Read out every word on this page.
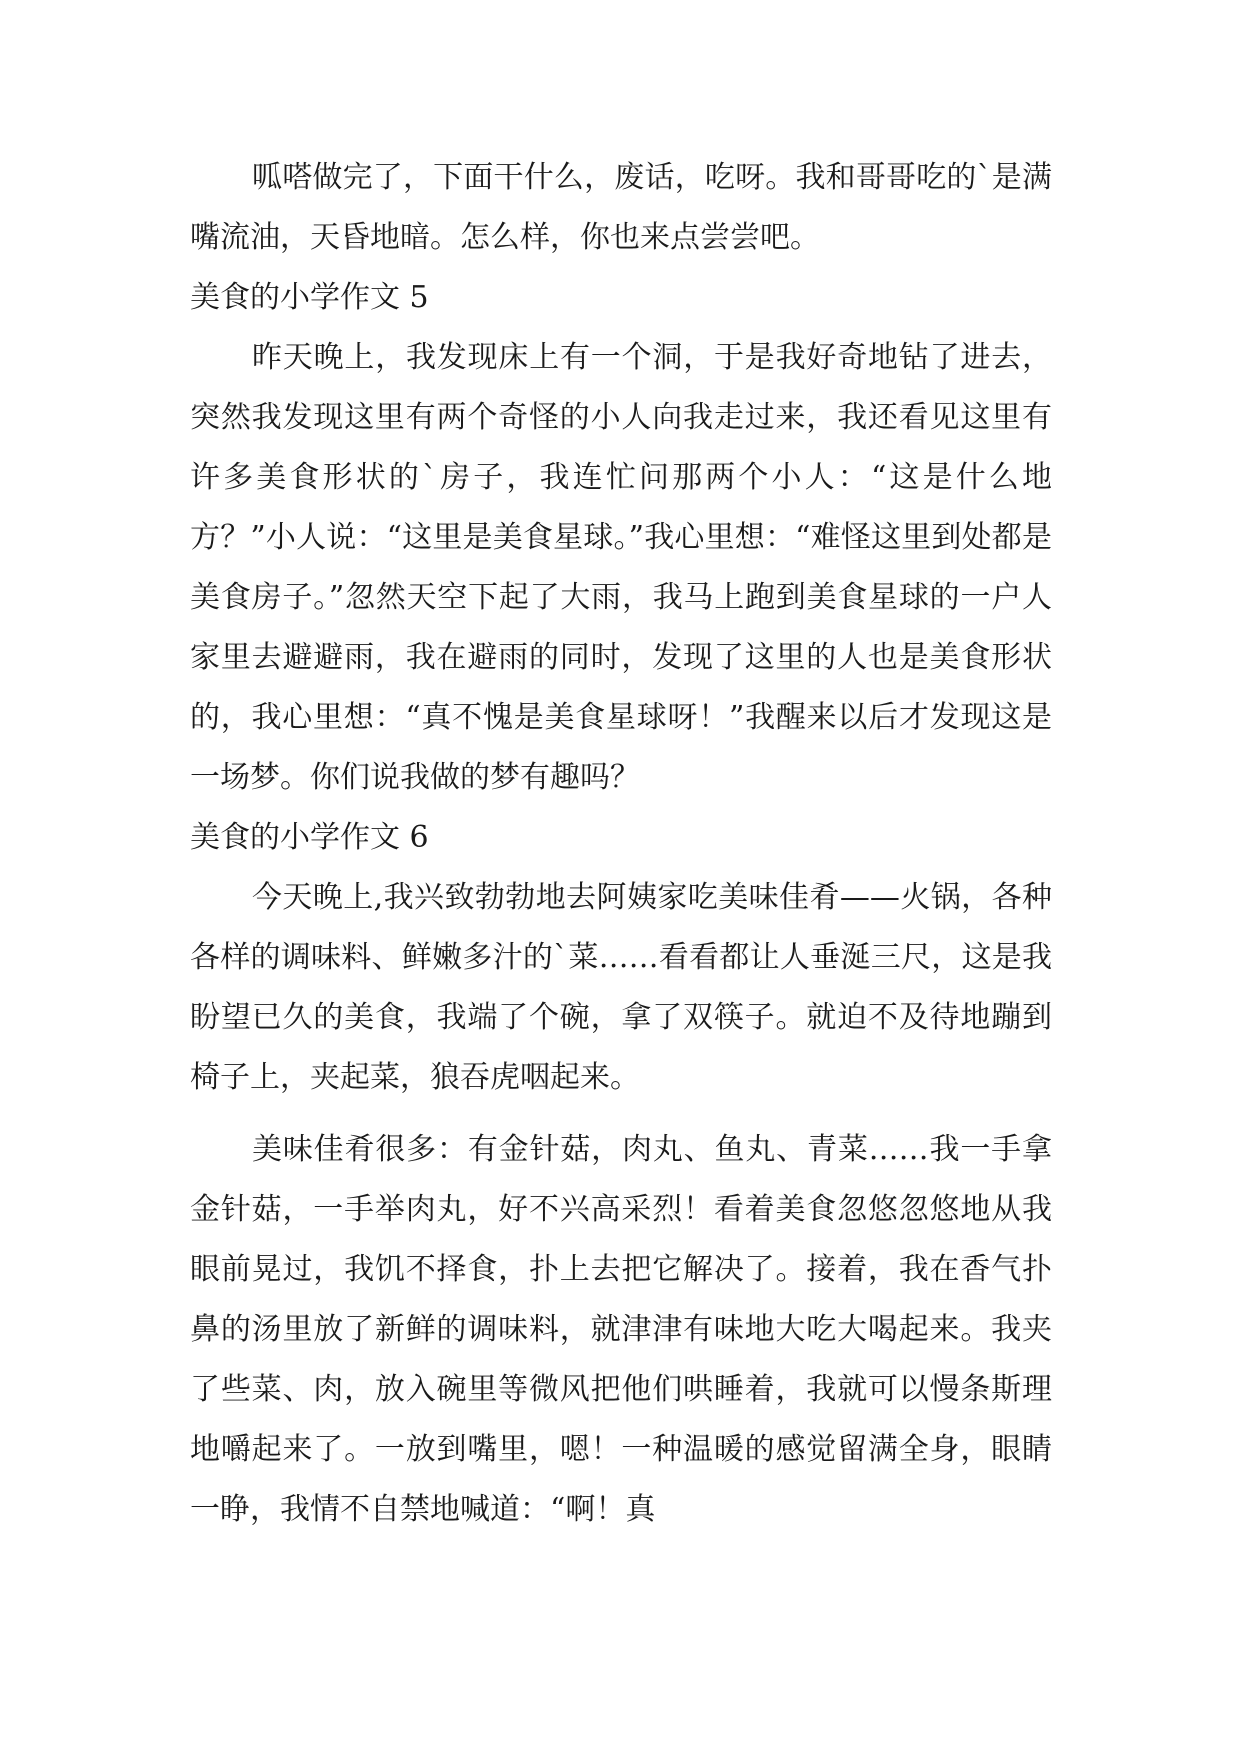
呱嗒做完了，下面干什么，废话，吃呀。我和哥哥吃的`是满嘴流油，天昏地暗。怎么样，你也来点尝尝吧。

美食的小学作文 5

昨天晚上，我发现床上有一个洞，于是我好奇地钻了进去，突然我发现这里有两个奇怪的小人向我走过来，我还看见这里有许多美食形状的`房子，我连忙问那两个小人：“这是什么地方？”小人说：“这里是美食星球。”我心里想：“难怪这里到处都是美食房子。”忽然天空下起了大雨，我马上跑到美食星球的一户人家里去避避雨，我在避雨的同时，发现了这里的人也是美食形状的，我心里想：“真不愧是美食星球呀！”我醒来以后才发现这是一场梦。你们说我做的梦有趣吗？

美食的小学作文 6

今天晚上,我兴致勃勃地去阿姨家吃美味佳肴——火锅，各种各样的调味料、鲜嫩多汁的`菜……看看都让人垂涎三尺，这是我盼望已久的美食，我端了个碗，拿了双筷子。就迫不及待地蹦到椅子上，夹起菜，狼吞虎咽起来。

美味佳肴很多：有金针菇，肉丸、鱼丸、青菜……我一手拿金针菇，一手举肉丸，好不兴高采烈！看着美食忽悠忽悠地从我眼前晃过，我饥不择食，扑上去把它解决了。接着，我在香气扑鼻的汤里放了新鲜的调味料，就津津有味地大吃大喝起来。我夹了些菜、肉，放入碗里等微风把他们哄睡着，我就可以慢条斯理地嚼起来了。一放到嘴里，嗯！一种温暖的感觉留满全身，眼睛一睁，我情不自禁地喊道：“啊！真
